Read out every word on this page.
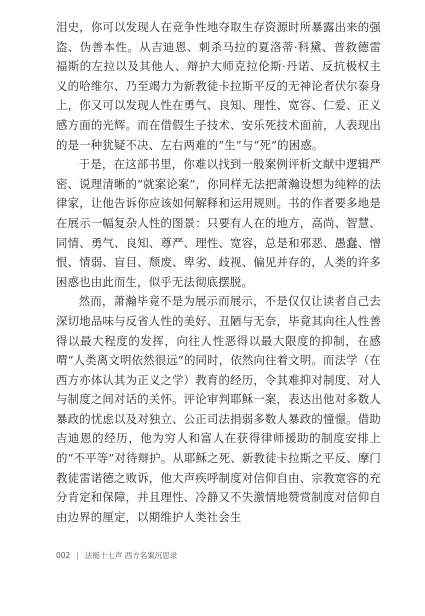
泪史，你可以发现人在竞争性地夺取生存资源时所暴露出来的强盗、伪善本性。从吉迪恩、刺杀马拉的夏洛蒂·科黛、普救德雷福斯的左拉以及其他人、辩护大师克拉伦斯·丹诺、反抗极权主义的哈维尔、乃至竭力为新教徒卡拉斯平反的无神论者伏尔泰身上，你又可以发现人性在勇气、良知、理性、宽容、仁爱、正义感方面的光辉。而在借假生子技术、安乐死技术面前，人表现出的是一种犹疑不决、左右两难的“生”与“死”的困惑。

于是，在这部书里，你难以找到一般案例评析文献中逻辑严密、说理清晰的“就案论案”，你同样无法把萧瀚设想为纯粹的法律家，让他告诉你应该如何解释和运用规则。书的作者要多地是在展示一幅复杂人性的图景：只要有人在的地方，高尚、智慧、同情、勇气、良知、尊严、理性、宽容，总是和邪恶、愚蠢、憎恨、情弱、盲目、颓废、卑劣、歧视、偏见并存的，人类的许多困惑也由此而生，似乎无法彻底摆脱。

然而，萧瀚毕竟不是为展示而展示，不是仅仅让读者自己去深切地品味与反省人性的美好、丑陋与无奈，毕竟其向往人性善得以最大程度的发挥，向往人性恶得以最大限度的抑制，在感喟“人类离文明依然很远”的同时，依然向往着文明。而法学（在西方亦体认其为正义之学）教育的经历，令其难抑对制度、对人与制度之间对话的关怀。评论审判耶稣一案，表达出他对多数人暴政的忧虑以及对独立、公正司法捐弱多数人暴政的憧憬。借助吉迪恩的经历，他为穷人和富人在获得律师援助的制度安排上的“不平等”对待辩护。从耶稣之死、新教徒卡拉斯之平反、摩门教徒雷诺德之败诉，他大声疾呼制度对信仰自由、宗教宽容的充分肯定和保障，并且理性、冷静又不失激情地赞赏制度对信仰自由边界的厘定，以期维护人类社会生

002 | 法槌十七声 西方名案沉思录
